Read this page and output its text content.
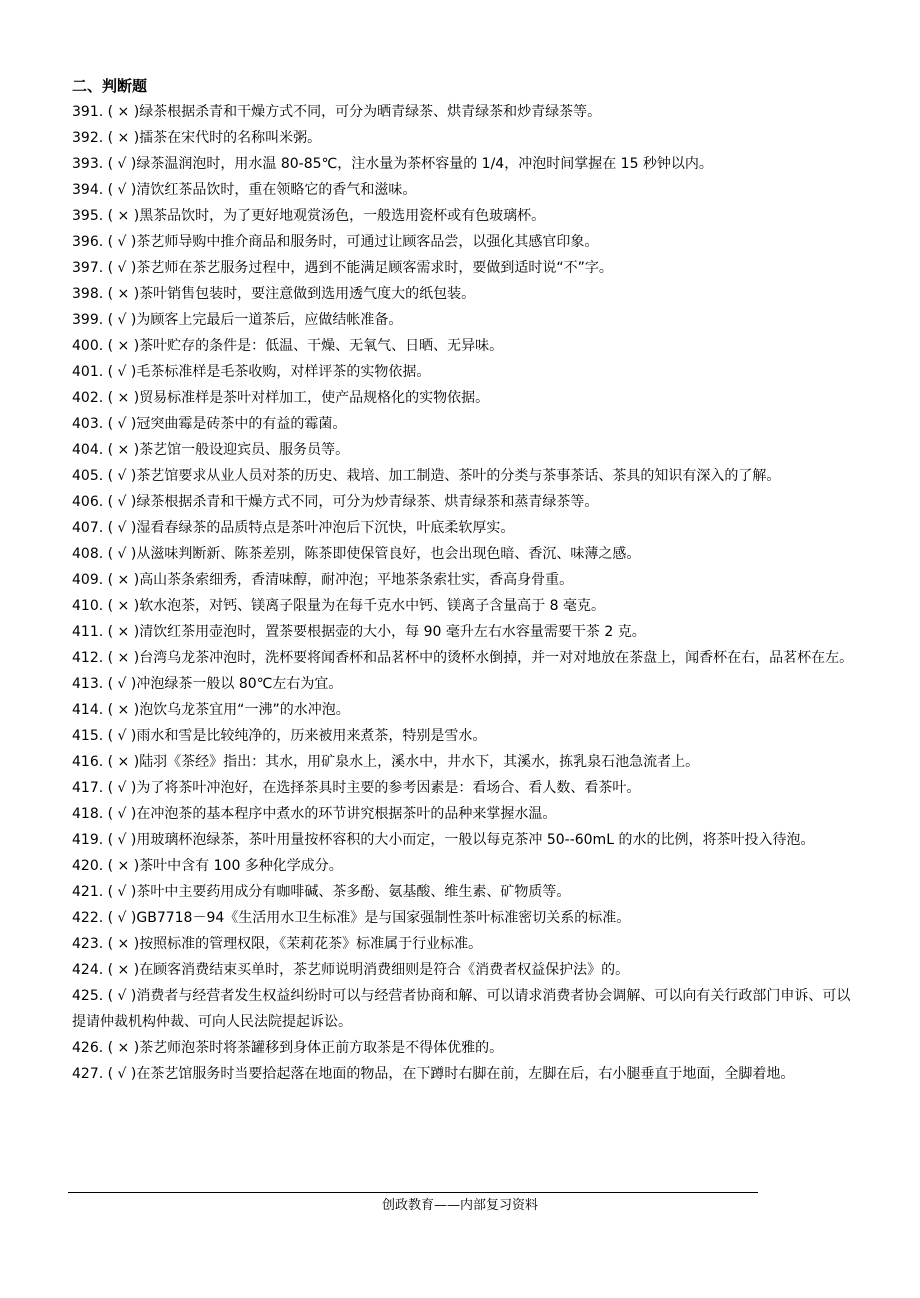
二、判断题
391. ( × )绿茶根据杀青和干燥方式不同，可分为晒青绿茶、烘青绿茶和炒青绿茶等。
392. ( × )擂茶在宋代时的名称叫米粥。
393. ( √ )绿茶温润泡时，用水温 80-85℃，注水量为茶杯容量的 1/4，冲泡时间掌握在 15 秒钟以内。
394. ( √ )清饮红茶品饮时，重在领略它的香气和滋味。
395. ( × )黑茶品饮时，为了更好地观赏汤色，一般选用瓷杯或有色玻璃杯。
396. ( √ )茶艺师导购中推介商品和服务时，可通过让顾客品尝，以强化其感官印象。
397. ( √ )茶艺师在茶艺服务过程中，遇到不能满足顾客需求时，要做到适时说“不”字。
398. ( × )茶叶销售包装时，要注意做到选用透气度大的纸包装。
399. ( √ )为顾客上完最后一道茶后，应做结帐准备。
400. ( × )茶叶贮存的条件是：低温、干燥、无氧气、日晒、无异味。
401. ( √ )毛茶标准样是毛茶收购，对样评茶的实物依据。
402. ( × )贸易标准样是茶叶对样加工，使产品规格化的实物依据。
403. ( √ )冠突曲霉是砖茶中的有益的霉菌。
404. ( × )茶艺馆一般设迎宾员、服务员等。
405. ( √ )茶艺馆要求从业人员对茶的历史、栽培、加工制造、茶叶的分类与茶事茶话、茶具的知识有深入的了解。
406. ( √ )绿茶根据杀青和干燥方式不同，可分为炒青绿茶、烘青绿茶和蒸青绿茶等。
407. ( √ )湿看春绿茶的品质特点是茶叶冲泡后下沉快，叶底柔软厚实。
408. ( √ )从滋味判断新、陈茶差别，陈茶即使保管良好，也会出现色暗、香沉、味薄之感。
409. ( × )高山茶条索细秀，香清味醇，耐冲泡；平地茶条索壮实，香高身骨重。
410. ( × )软水泡茶，对钙、镁离子限量为在每千克水中钙、镁离子含量高于 8 毫克。
411. ( × )清饮红茶用壶泡时，置茶要根据壶的大小，每 90 毫升左右水容量需要干茶 2 克。
412. ( × )台湾乌龙茶冲泡时，洗杯要将闻香杯和品茗杯中的烫杯水倒掉，并一对对地放在茶盘上，闻香杯在右，品茗杯在左。
413. ( √ )冲泡绿茶一般以 80℃左右为宜。
414. ( × )泡饮乌龙茶宜用“一沸”的水冲泡。
415. ( √ )雨水和雪是比较纯净的，历来被用来煮茶，特别是雪水。
416. ( × )陆羽《茶经》指出：其水，用矿泉水上，溪水中，井水下，其溪水，拣乳泉石池急流者上。
417. ( √ )为了将茶叶冲泡好，在选择茶具时主要的参考因素是：看场合、看人数、看茶叶。
418. ( √ )在冲泡茶的基本程序中煮水的环节讲究根据茶叶的品种来掌握水温。
419. ( √ )用玻璃杯泡绿茶，茶叶用量按杯容积的大小而定，一般以每克茶冲 50--60mL 的水的比例，将茶叶投入待泡。
420. ( × )茶叶中含有 100 多种化学成分。
421. ( √ )茶叶中主要药用成分有咖啡碱、茶多酚、氨基酸、维生素、矿物质等。
422. ( √ )GB7718－94《生活用水卫生标准》是与国家强制性茶叶标准密切关系的标准。
423. ( × )按照标准的管理权限，《茉莉花茶》标准属于行业标准。
424. ( × )在顾客消费结束买单时，茶艺师说明消费细则是符合《消费者权益保护法》的。
425. ( √ )消费者与经营者发生权益纠纷时可以与经营者协商和解、可以请求消费者协会调解、可以向有关行政部门申诉、可以提请仲裁机构仲裁、可向人民法院提起诉讼。
426. ( × )茶艺师泡茶时将茶罐移到身体正前方取茶是不得体优雅的。
427. ( √ )在茶艺馆服务时当要拾起落在地面的物品，在下蹲时右脚在前，左脚在后，右小腿垂直于地面，全脚着地。
创政教育——内部复习资料
